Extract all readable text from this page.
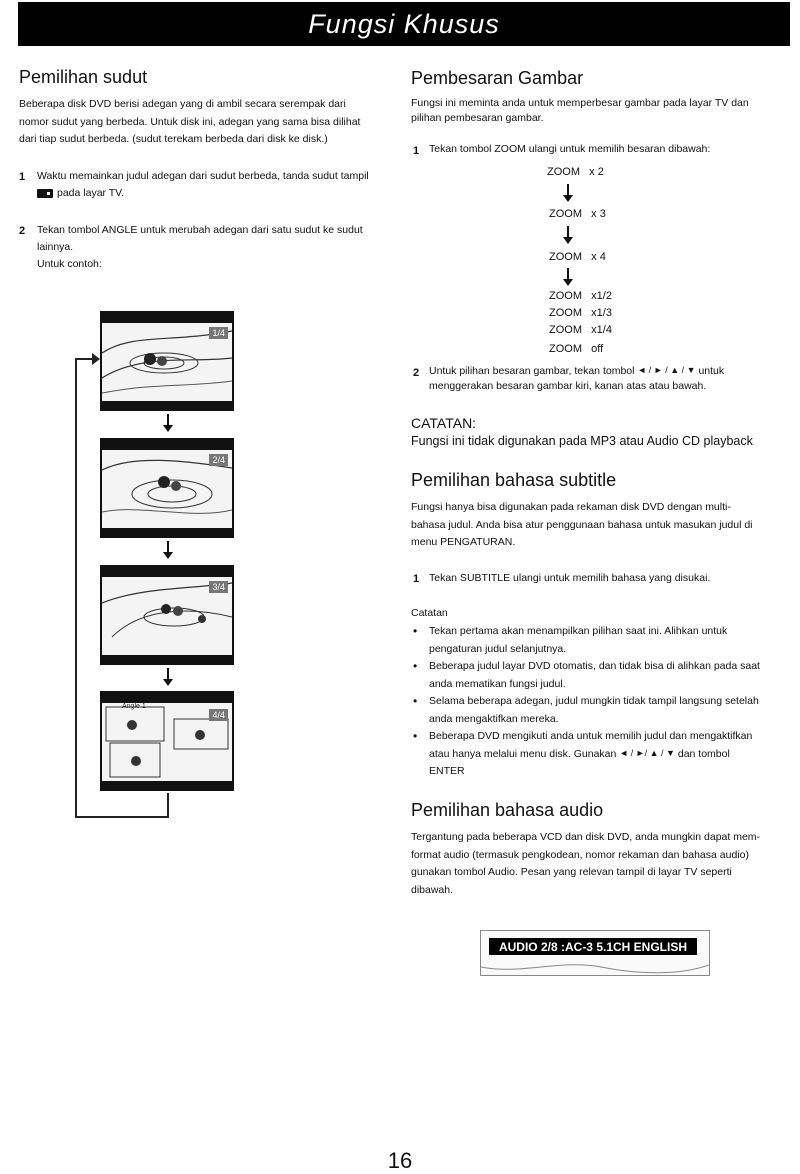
Fungsi Khusus
Pemilihan sudut
Beberapa disk DVD berisi adegan yang di ambil secara serempak dari
nomor sudut yang berbeda. Untuk disk ini, adegan yang sama bisa dilihat
dari tiap sudut berbeda. (sudut terekam berbeda dari disk ke disk.)
1 Waktu memainkan judul adegan dari sudut berbeda, tanda sudut tampil
pada layar TV.
2 Tekan tombol ANGLE untuk merubah adegan dari satu sudut ke sudut
lainnya.
Untuk contoh:
1/4
2/4
3/4
Angle 1
4/4
Pembesaran Gambar
Fungsi ini meminta anda untuk memperbesar gambar pada layar TV dan
pilihan pembesaran gambar.
1 Tekan tombol ZOOM ulangi untuk memilih besaran dibawah:
ZOOM   x 2
ZOOM   x 3
ZOOM   x 4
ZOOM   x1/2
ZOOM   x1/3
ZOOM   x1/4
ZOOM   off
2 Untuk pilihan besaran gambar, tekan tombol ◄ / ► / ▲ / ▼ untuk
menggerakan besaran gambar kiri, kanan atas atau bawah.
CATATAN:
Fungsi ini tidak digunakan pada MP3 atau Audio CD playback
Pemilihan bahasa subtitle
Fungsi hanya bisa digunakan pada rekaman disk DVD dengan multi-
bahasa judul. Anda bisa atur penggunaan bahasa untuk masukan judul di
menu PENGATURAN.
1 Tekan SUBTITLE ulangi untuk memilih bahasa yang disukai.
Catatan
• Tekan pertama akan menampilkan pilihan saat ini. Alihkan untuk
pengaturan judul selanjutnya.
• Beberapa judul layar DVD otomatis, dan tidak bisa di alihkan pada saat
anda mematikan fungsi judul.
• Selama beberapa adegan, judul mungkin tidak tampil langsung setelah
anda mengaktifkan mereka.
• Beberapa DVD mengikuti anda untuk memilih judul dan mengaktifkan
atau hanya melalui menu disk. Gunakan ◄ / ►/ ▲ / ▼ dan tombol
ENTER
Pemilihan bahasa audio
Tergantung pada beberapa VCD dan disk DVD, anda mungkin dapat mem-
format audio (termasuk pengkodean, nomor rekaman dan bahasa audio)
gunakan tombol Audio. Pesan yang relevan tampil di layar TV seperti
dibawah.
AUDIO 2/8 :AC-3 5.1CH ENGLISH
16
